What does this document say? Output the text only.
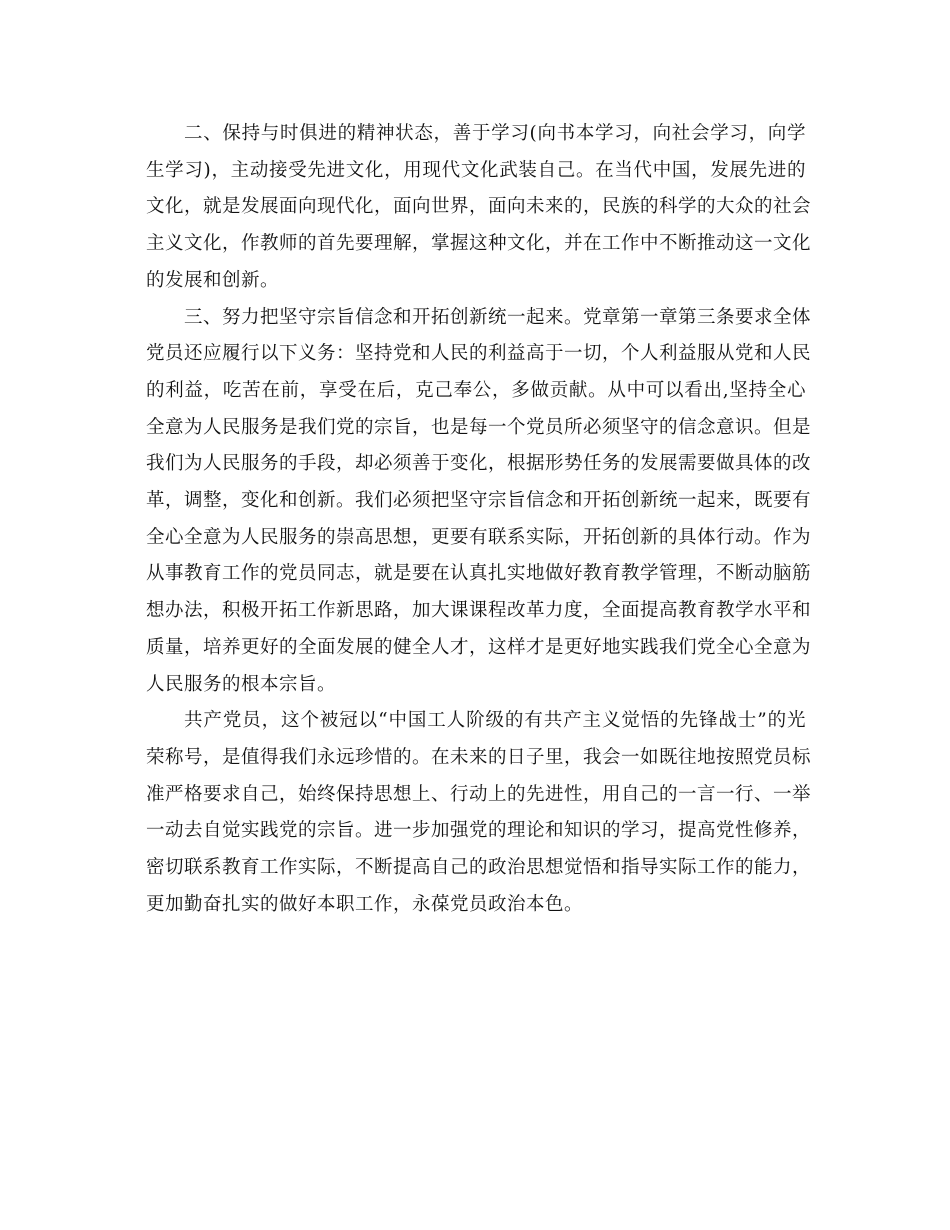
二、保持与时俱进的精神状态，善于学习(向书本学习，向社会学习，向学
生学习)，主动接受先进文化，用现代文化武装自己。在当代中国，发展先进的
文化，就是发展面向现代化，面向世界，面向未来的，民族的科学的大众的社会
主义文化，作教师的首先要理解，掌握这种文化，并在工作中不断推动这一文化
的发展和创新。
三、努力把坚守宗旨信念和开拓创新统一起来。党章第一章第三条要求全体
党员还应履行以下义务：坚持党和人民的利益高于一切，个人利益服从党和人民
的利益，吃苦在前，享受在后，克己奉公，多做贡献。从中可以看出,坚持全心
全意为人民服务是我们党的宗旨，也是每一个党员所必须坚守的信念意识。但是
我们为人民服务的手段，却必须善于变化，根据形势任务的发展需要做具体的改
革，调整，变化和创新。我们必须把坚守宗旨信念和开拓创新统一起来，既要有
全心全意为人民服务的崇高思想，更要有联系实际，开拓创新的具体行动。作为
从事教育工作的党员同志，就是要在认真扎实地做好教育教学管理，不断动脑筋
想办法，积极开拓工作新思路，加大课课程改革力度，全面提高教育教学水平和
质量，培养更好的全面发展的健全人才，这样才是更好地实践我们党全心全意为
人民服务的根本宗旨。
共产党员，这个被冠以“中国工人阶级的有共产主义觉悟的先锋战士”的光
荣称号，是值得我们永远珍惜的。在未来的日子里，我会一如既往地按照党员标
准严格要求自己，始终保持思想上、行动上的先进性，用自己的一言一行、一举
一动去自觉实践党的宗旨。进一步加强党的理论和知识的学习，提高党性修养，
密切联系教育工作实际，不断提高自己的政治思想觉悟和指导实际工作的能力，
更加勤奋扎实的做好本职工作，永葆党员政治本色。
